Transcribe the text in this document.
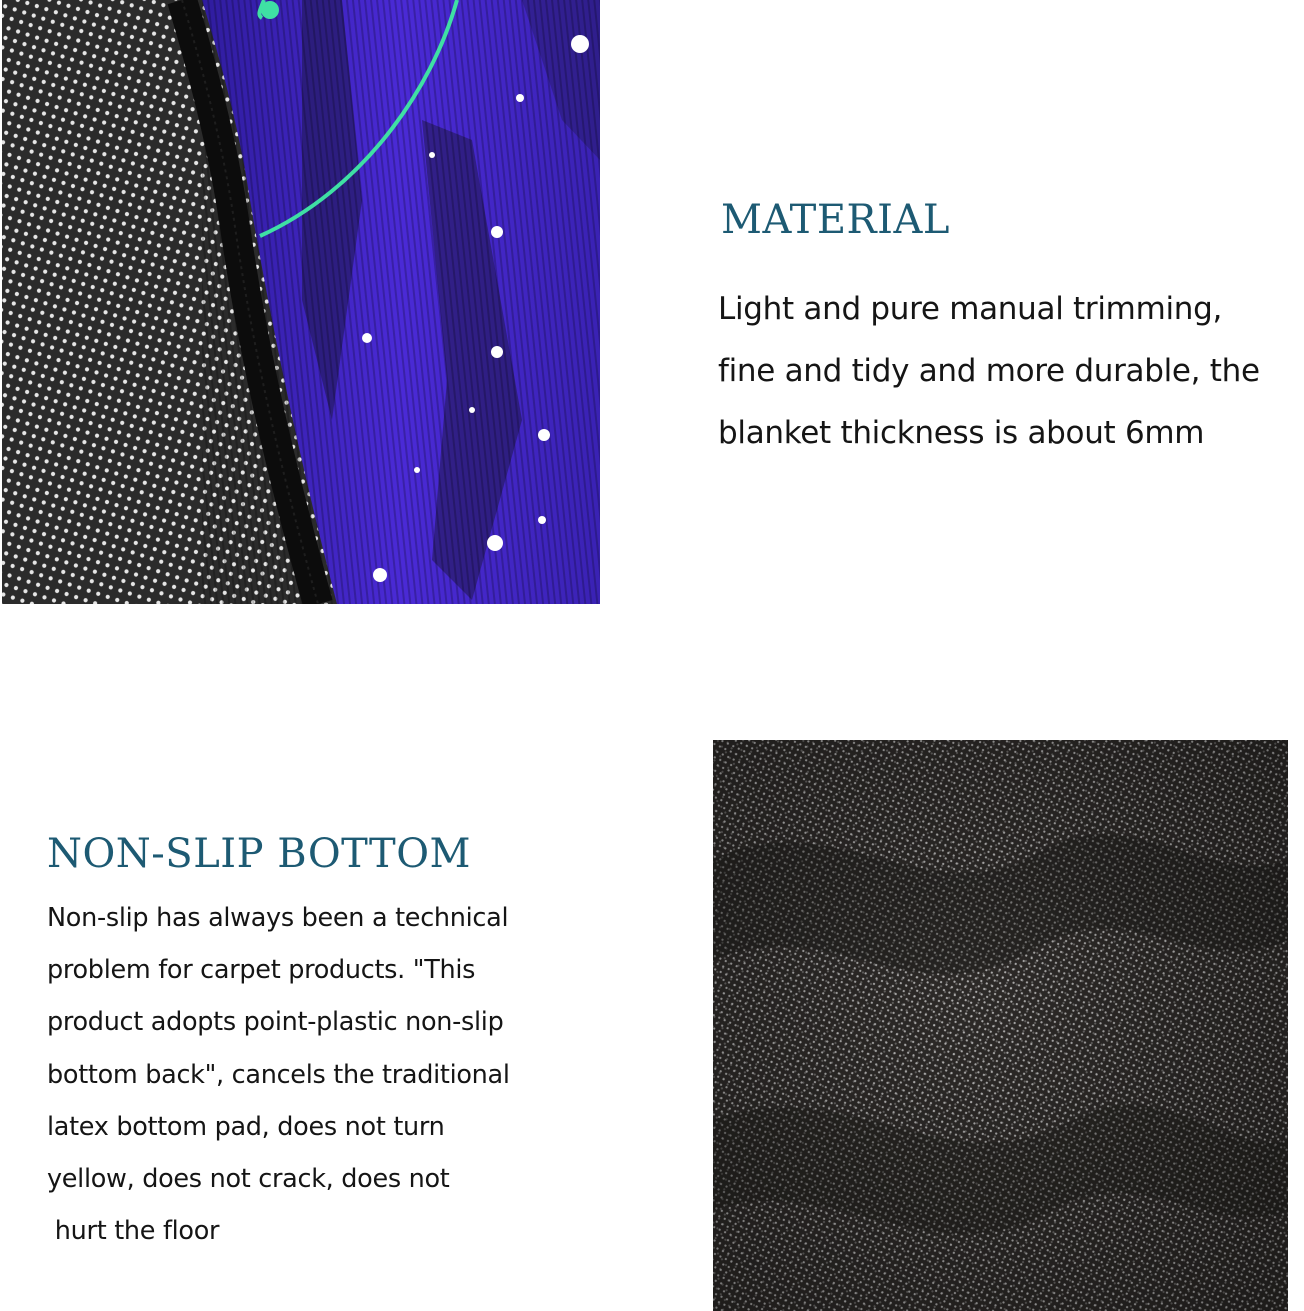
MATERIAL
Light and pure manual trimming,
fine and tidy and more durable, the
blanket thickness is about 6mm
NON-SLIP BOTTOM
Non-slip has always been a technical
problem for carpet products. "This
product adopts point-plastic non-slip
bottom back", cancels the traditional
latex bottom pad, does not turn
yellow, does not crack, does not
hurt the floor
